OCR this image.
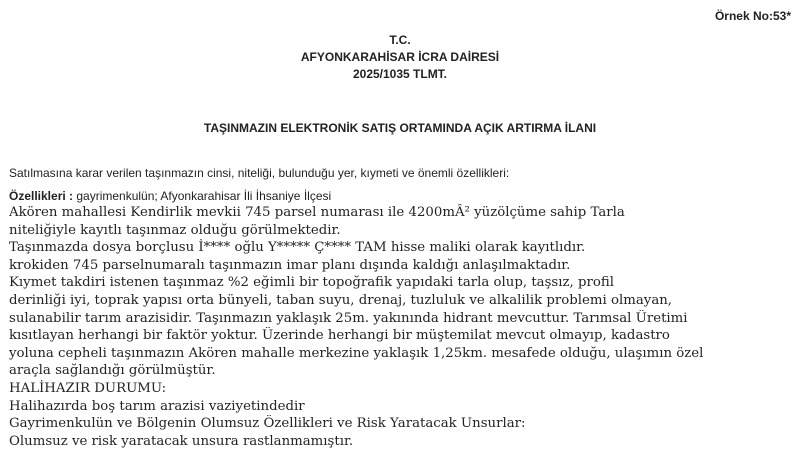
Örnek No:53*
T.C.
AFYONKARAHİSAR İCRA DAİRESİ
2025/1035 TLMT.
TAŞINMAZIN ELEKTRONİK SATIŞ ORTAMINDA AÇIK ARTIRMA İLANI
Satılmasına karar verilen taşınmazın cinsi, niteliği, bulunduğu yer, kıymeti ve önemli özellikleri:
Özellikleri : gayrimenkulün; Afyonkarahisar İli İhsaniye İlçesi
Akören mahallesi Kendirlik mevkii 745 parsel numarası ile 4200mÂ² yüzölçüme sahip Tarla
niteliğiyle kayıtlı taşınmaz olduğu görülmektedir.
Taşınmazda dosya borçlusu İ**** oğlu Y***** Ç**** TAM hisse maliki olarak kayıtlıdır.
krokiden 745 parselnumaralı taşınmazın imar planı dışında kaldığı anlaşılmaktadır.
Kıymet takdiri istenen taşınmaz %2 eğimli bir topoğrafik yapıdaki tarla olup, taşsız, profil
derinliği iyi, toprak yapısı orta bünyeli, taban suyu, drenaj, tuzluluk ve alkalilik problemi olmayan,
sulanabilir tarım arazisidir. Taşınmazın yaklaşık 25m. yakınında hidrant mevcuttur. Tarımsal Üretimi
kısıtlayan herhangi bir faktör yoktur. Üzerinde herhangi bir müştemilat mevcut olmayıp, kadastro
yoluna cepheli taşınmazın Akören mahalle merkezine yaklaşık 1,25km. mesafede olduğu, ulaşımın özel
araçla sağlandığı görülmüştür.
HALİHAZIR DURUMU:
Halihazırda boş tarım arazisi vaziyetindedir
Gayrimenkulün ve Bölgenin Olumsuz Özellikleri ve Risk Yaratacak Unsurlar:
Olumsuz ve risk yaratacak unsura rastlanmamıştır.
